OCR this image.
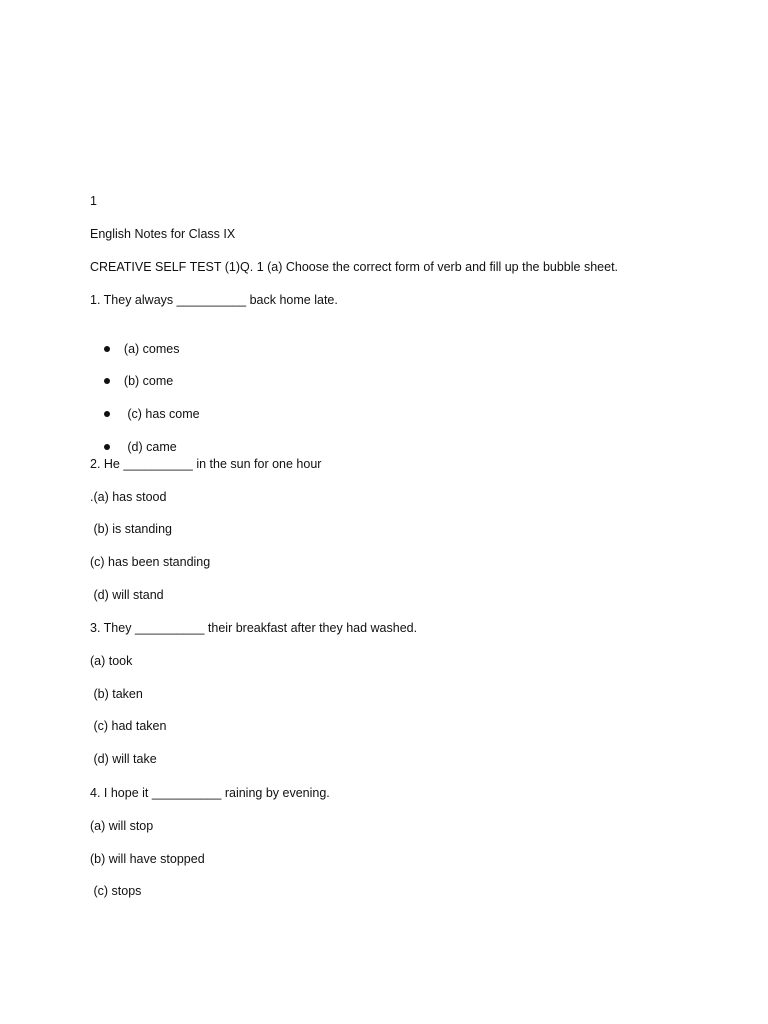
1
English Notes for Class IX
CREATIVE SELF TEST (1)Q. 1 (a) Choose the correct form of verb and fill up the bubble sheet.
1. They always __________ back home late.

(a) comes

(b) come

(c) has come

(d) came

2. He __________ in the sun for one hour
.(a) has stood
(b) is standing
(c) has been standing
(d) will stand
3. They __________ their breakfast after they had washed.
(a) took
(b) taken
(c) had taken
(d) will take
4. I hope it __________ raining by evening.
(a) will stop
(b) will have stopped
(c) stops
